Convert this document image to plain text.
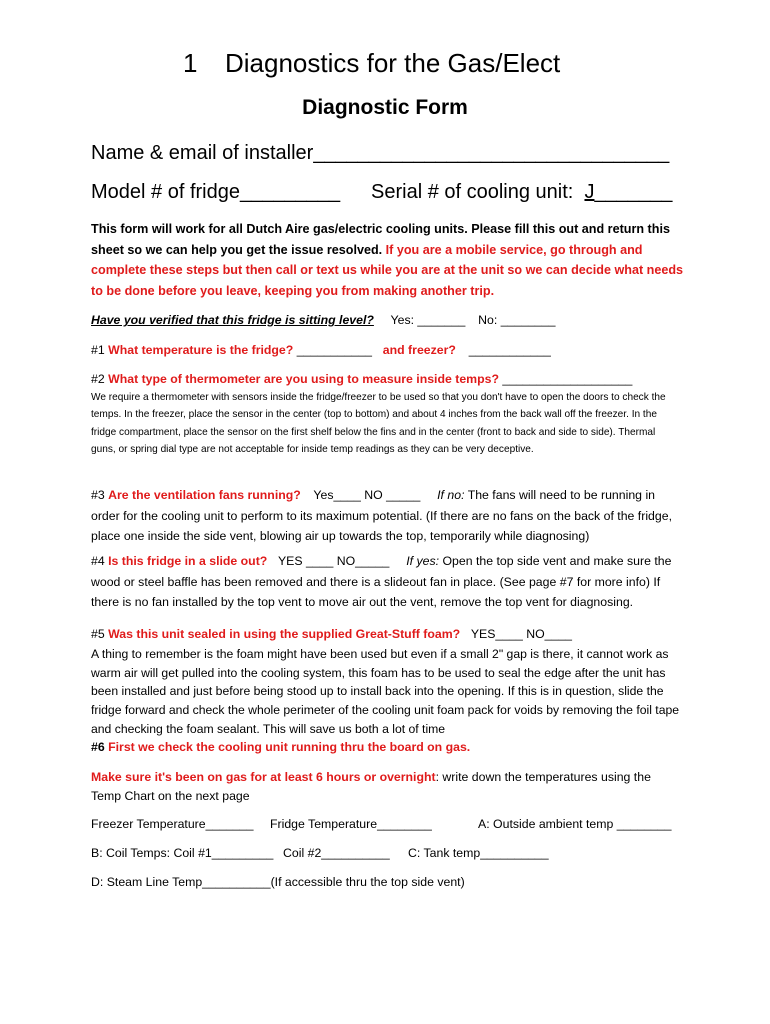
1 Diagnostics for the Gas/Elect
Diagnostic Form
Name & email of installer________________________________
Model # of fridge_________ Serial # of cooling unit: J_______
This form will work for all Dutch Aire gas/electric cooling units. Please fill this out and return this sheet so we can help you get the issue resolved. If you are a mobile service, go through and complete these steps but then call or text us while you are at the unit so we can decide what needs to be done before you leave, keeping you from making another trip.
Have you verified that this fridge is sitting level? Yes: _______ No: ________
#1 What temperature is the fridge? ___________ and freezer? ____________
#2 What type of thermometer are you using to measure inside temps? ___________________
We require a thermometer with sensors inside the fridge/freezer to be used so that you don't have to open the doors to check the temps. In the freezer, place the sensor in the center (top to bottom) and about 4 inches from the back wall off the freezer. In the fridge compartment, place the sensor on the first shelf below the fins and in the center (front to back and side to side). Thermal guns, or spring dial type are not acceptable for inside temp readings as they can be very deceptive.
#3 Are the ventilation fans running? Yes____ NO _____ If no: The fans will need to be running in order for the cooling unit to perform to its maximum potential. (If there are no fans on the back of the fridge, place one inside the side vent, blowing air up towards the top, temporarily while diagnosing)
#4 Is this fridge in a slide out? YES ____ NO_____ If yes: Open the top side vent and make sure the wood or steel baffle has been removed and there is a slideout fan in place. (See page #7 for more info) If there is no fan installed by the top vent to move air out the vent, remove the top vent for diagnosing.
#5 Was this unit sealed in using the supplied Great-Stuff foam? YES____ NO____
A thing to remember is the foam might have been used but even if a small 2" gap is there, it cannot work as warm air will get pulled into the cooling system, this foam has to be used to seal the edge after the unit has been installed and just before being stood up to install back into the opening. If this is in question, slide the fridge forward and check the whole perimeter of the cooling unit foam pack for voids by removing the foil tape and checking the foam sealant. This will save us both a lot of time
#6 First we check the cooling unit running thru the board on gas.
Make sure it's been on gas for at least 6 hours or overnight: write down the temperatures using the Temp Chart on the next page
Freezer Temperature_______ Fridge Temperature________	A: Outside ambient temp ________
B: Coil Temps: Coil #1_________ Coil #2__________ C: Tank temp__________
D: Steam Line Temp__________(If accessible thru the top side vent)
